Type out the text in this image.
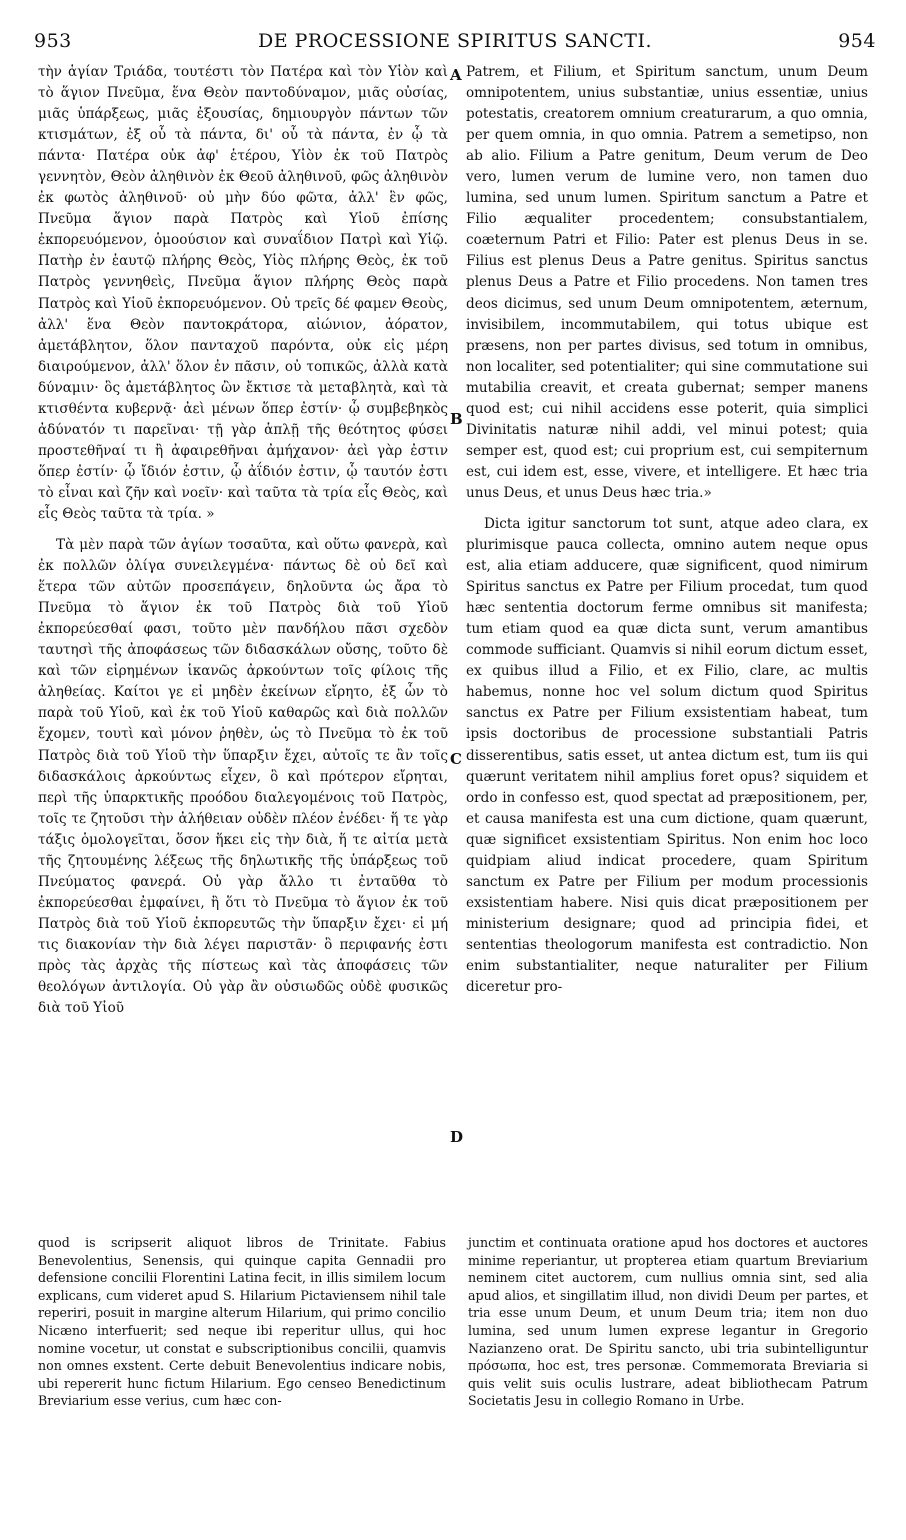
953	DE PROCESSIONE SPIRITUS SANCTI.	954

τὴν ἁγίαν Τριάδα, τουτέστι τὸν Πατέρα καὶ τὸν Υἱὸν καὶ τὸ ἅγιον Πνεῦμα, ἕνα Θεὸν παντοδύναμον, μιᾶς οὐσίας, μιᾶς ὑπάρξεως, μιᾶς ἐξουσίας, δημιουργὸν πάντων τῶν κτισμάτων, ἐξ οὗ τὰ πάντα, δι' οὗ τὰ πάντα, ἐν ᾧ τὰ πάντα· Πατέρα οὐκ ἀφ' ἑτέρου, Υἱὸν ἐκ τοῦ Πατρὸς γεννητὸν, Θεὸν ἀληθινὸν ἐκ Θεοῦ ἀληθινοῦ, φῶς ἀληθινὸν ἐκ φωτὸς ἀληθινοῦ· οὐ μὴν δύο φῶτα, ἀλλ' ἓν φῶς, Πνεῦμα ἅγιον παρὰ Πατρὸς καὶ Υἱοῦ ἐπίσης ἐκπορευόμενον, ὁμοούσιον καὶ συναΐδιον Πατρὶ καὶ Υἱῷ. Πατὴρ ἐν ἑαυτῷ πλήρης Θεὸς, Υἱὸς πλήρης Θεὸς, ἐκ τοῦ Πατρὸς γεννηθεὶς, Πνεῦμα ἅγιον πλήρης Θεὸς παρὰ Πατρὸς καὶ Υἱοῦ ἐκπορευόμενον. Οὐ τρεῖς δέ φαμεν Θεοὺς, ἀλλ' ἕνα Θεὸν παντοκράτορα, αἰώνιον, ἀόρατον, ἀμετάβλητον, ὅλον πανταχοῦ παρόντα, οὐκ εἰς μέρη διαιρούμενον, ἀλλ' ὅλον ἐν πᾶσιν, οὐ τοπικῶς, ἀλλὰ κατὰ δύναμιν· ὃς ἀμετάβλητος ὢν ἔκτισε τὰ μεταβλητὰ, καὶ τὰ κτισθέντα κυβερνᾷ· ἀεὶ μένων ὅπερ ἐστίν· ᾧ συμβεβηκὸς ἀδύνατόν τι παρεῖναι· τῇ γὰρ ἁπλῇ τῆς θεότητος φύσει προστεθῆναί τι ἢ ἀφαιρεθῆναι ἀμήχανον· ἀεὶ γὰρ ἐστιν ὅπερ ἐστίν· ᾧ ἴδιόν ἐστιν, ᾧ ἀΐδιόν ἐστιν, ᾧ ταυτόν ἐστι τὸ εἶναι καὶ ζῆν καὶ νοεῖν· καὶ ταῦτα τὰ τρία εἷς Θεὸς, καὶ εἷς Θεὸς ταῦτα τὰ τρία. »

Τὰ μὲν παρὰ τῶν ἁγίων τοσαῦτα, καὶ οὕτω φανερὰ, καὶ ἐκ πολλῶν ὀλίγα συνειλεγμένα· πάντως δὲ οὐ δεῖ καὶ ἕτερα τῶν αὐτῶν προσεπάγειν, δηλοῦντα ὡς ἄρα τὸ Πνεῦμα τὸ ἅγιον ἐκ τοῦ Πατρὸς διὰ τοῦ Υἱοῦ ἐκπορεύεσθαί φασι, τοῦτο μὲν πανδήλου πᾶσι σχεδὸν ταυτησὶ τῆς ἀποφάσεως τῶν διδασκάλων οὔσης, τοῦτο δὲ καὶ τῶν εἰρημένων ἱκανῶς ἀρκούντων τοῖς φίλοις τῆς ἀληθείας. Καίτοι γε εἰ μηδὲν ἐκείνων εἴρητο, ἐξ ὧν τὸ παρὰ τοῦ Υἱοῦ, καὶ ἐκ τοῦ Υἱοῦ καθαρῶς καὶ διὰ πολλῶν ἔχομεν, τουτὶ καὶ μόνον ῥηθὲν, ὡς τὸ Πνεῦμα τὸ ἐκ τοῦ Πατρὸς διὰ τοῦ Υἱοῦ τὴν ὕπαρξιν ἔχει, αὐτοῖς τε ἂν τοῖς διδασκάλοις ἀρκούντως εἶχεν, ὃ καὶ πρότερον εἴρηται, περὶ τῆς ὑπαρκτικῆς προόδου διαλεγομένοις τοῦ Πατρὸς, τοῖς τε ζητοῦσι τὴν ἀλήθειαν οὐδὲν πλέον ἐνέδει· ἥ τε γὰρ τάξις ὁμολογεῖται, ὅσον ἥκει εἰς τὴν διὰ, ἥ τε αἰτία μετὰ τῆς ζητουμένης λέξεως τῆς δηλωτικῆς τῆς ὑπάρξεως τοῦ Πνεύματος φανερά. Οὐ γὰρ ἄλλο τι ἐνταῦθα τὸ ἐκπορεύεσθαι ἐμφαίνει, ἢ ὅτι τὸ Πνεῦμα τὸ ἅγιον ἐκ τοῦ Πατρὸς διὰ τοῦ Υἱοῦ ἐκπορευτῶς τὴν ὕπαρξιν ἔχει· εἰ μή τις διακονίαν τὴν διὰ λέγει παριστᾶν· ὃ περιφανής ἐστι πρὸς τὰς ἀρχὰς τῆς πίστεως καὶ τὰς ἀποφάσεις τῶν θεολόγων ἀντιλογία. Οὐ γὰρ ἂν οὐσιωδῶς οὐδὲ φυσικῶς διὰ τοῦ Υἱοῦ

Patrem, et Filium, et Spiritum sanctum, unum Deum omnipotentem, unius substantiæ, unius essentiæ, unius potestatis, creatorem omnium creaturarum, a quo omnia, per quem omnia, in quo omnia. Patrem a semetipso, non ab alio. Filium a Patre genitum, Deum verum de Deo vero, lumen verum de lumine vero, non tamen duo lumina, sed unum lumen. Spiritum sanctum a Patre et Filio æqualiter procedentem; consubstantialem, coæternum Patri et Filio: Pater est plenus Deus in se. Filius est plenus Deus a Patre genitus. Spiritus sanctus plenus Deus a Patre et Filio procedens. Non tamen tres deos dicimus, sed unum Deum omnipotentem, æternum, invisibilem, incommutabilem, qui totus ubique est præsens, non per partes divisus, sed totum in omnibus, non localiter, sed potentialiter; qui sine commutatione sui mutabilia creavit, et creata gubernat; semper manens quod est; cui nihil accidens esse poterit, quia simplici Divinitatis naturæ nihil addi, vel minui potest; quia semper est, quod est; cui proprium est, cui sempiternum est, cui idem est, esse, vivere, et intelligere. Et hæc tria unus Deus, et unus Deus hæc tria.»

Dicta igitur sanctorum tot sunt, atque adeo clara, ex plurimisque pauca collecta, omnino autem neque opus est, alia etiam adducere, quæ significent, quod nimirum Spiritus sanctus ex Patre per Filium procedat, tum quod hæc sententia doctorum ferme omnibus sit manifesta; tum etiam quod ea quæ dicta sunt, verum amantibus commode sufficiant. Quamvis si nihil eorum dictum esset, ex quibus illud a Filio, et ex Filio, clare, ac multis habemus, nonne hoc vel solum dictum quod Spiritus sanctus ex Patre per Filium exsistentiam habeat, tum ipsis doctoribus de processione substantiali Patris disserentibus, satis esset, ut antea dictum est, tum iis qui quærunt veritatem nihil amplius foret opus? siquidem et ordo in confesso est, quod spectat ad præpositionem, per, et causa manifesta est una cum dictione, quam quærunt, quæ significet exsistentiam Spiritus. Non enim hoc loco quidpiam aliud indicat procedere, quam Spiritum sanctum ex Patre per Filium per modum processionis exsistentiam habere. Nisi quis dicat præpositionem per ministerium designare; quod ad principia fidei, et sententias theologorum manifesta est contradictio. Non enim substantialiter, neque naturaliter per Filium diceretur pro-

A
B
C
D

quod is scripserit aliquot libros de Trinitate. Fabius Benevolentius, Senensis, qui quinque capita Gennadii pro defensione concilii Florentini Latina fecit, in illis similem locum explicans, cum videret apud S. Hilarium Pictaviensem nihil tale reperiri, posuit in margine alterum Hilarium, qui primo concilio Nicæno interfuerit; sed neque ibi reperitur ullus, qui hoc nomine vocetur, ut constat e subscriptionibus concilii, quamvis non omnes exstent. Certe debuit Benevolentius indicare nobis, ubi repererit hunc fictum Hilarium. Ego censeo Benedictinum Breviarium esse verius, cum hæc con-

junctim et continuata oratione apud hos doctores et auctores minime reperiantur, ut propterea etiam quartum Breviarium neminem citet auctorem, cum nullius omnia sint, sed alia apud alios, et singillatim illud, non dividi Deum per partes, et tria esse unum Deum, et unum Deum tria; item non duo lumina, sed unum lumen exprese legantur in Gregorio Nazianzeno orat. De Spiritu sancto, ubi tria subintelliguntur πρόσωπα, hoc est, tres personæ. Commemorata Breviaria si quis velit suis oculis lustrare, adeat bibliothecam Patrum Societatis Jesu in collegio Romano in Urbe.
